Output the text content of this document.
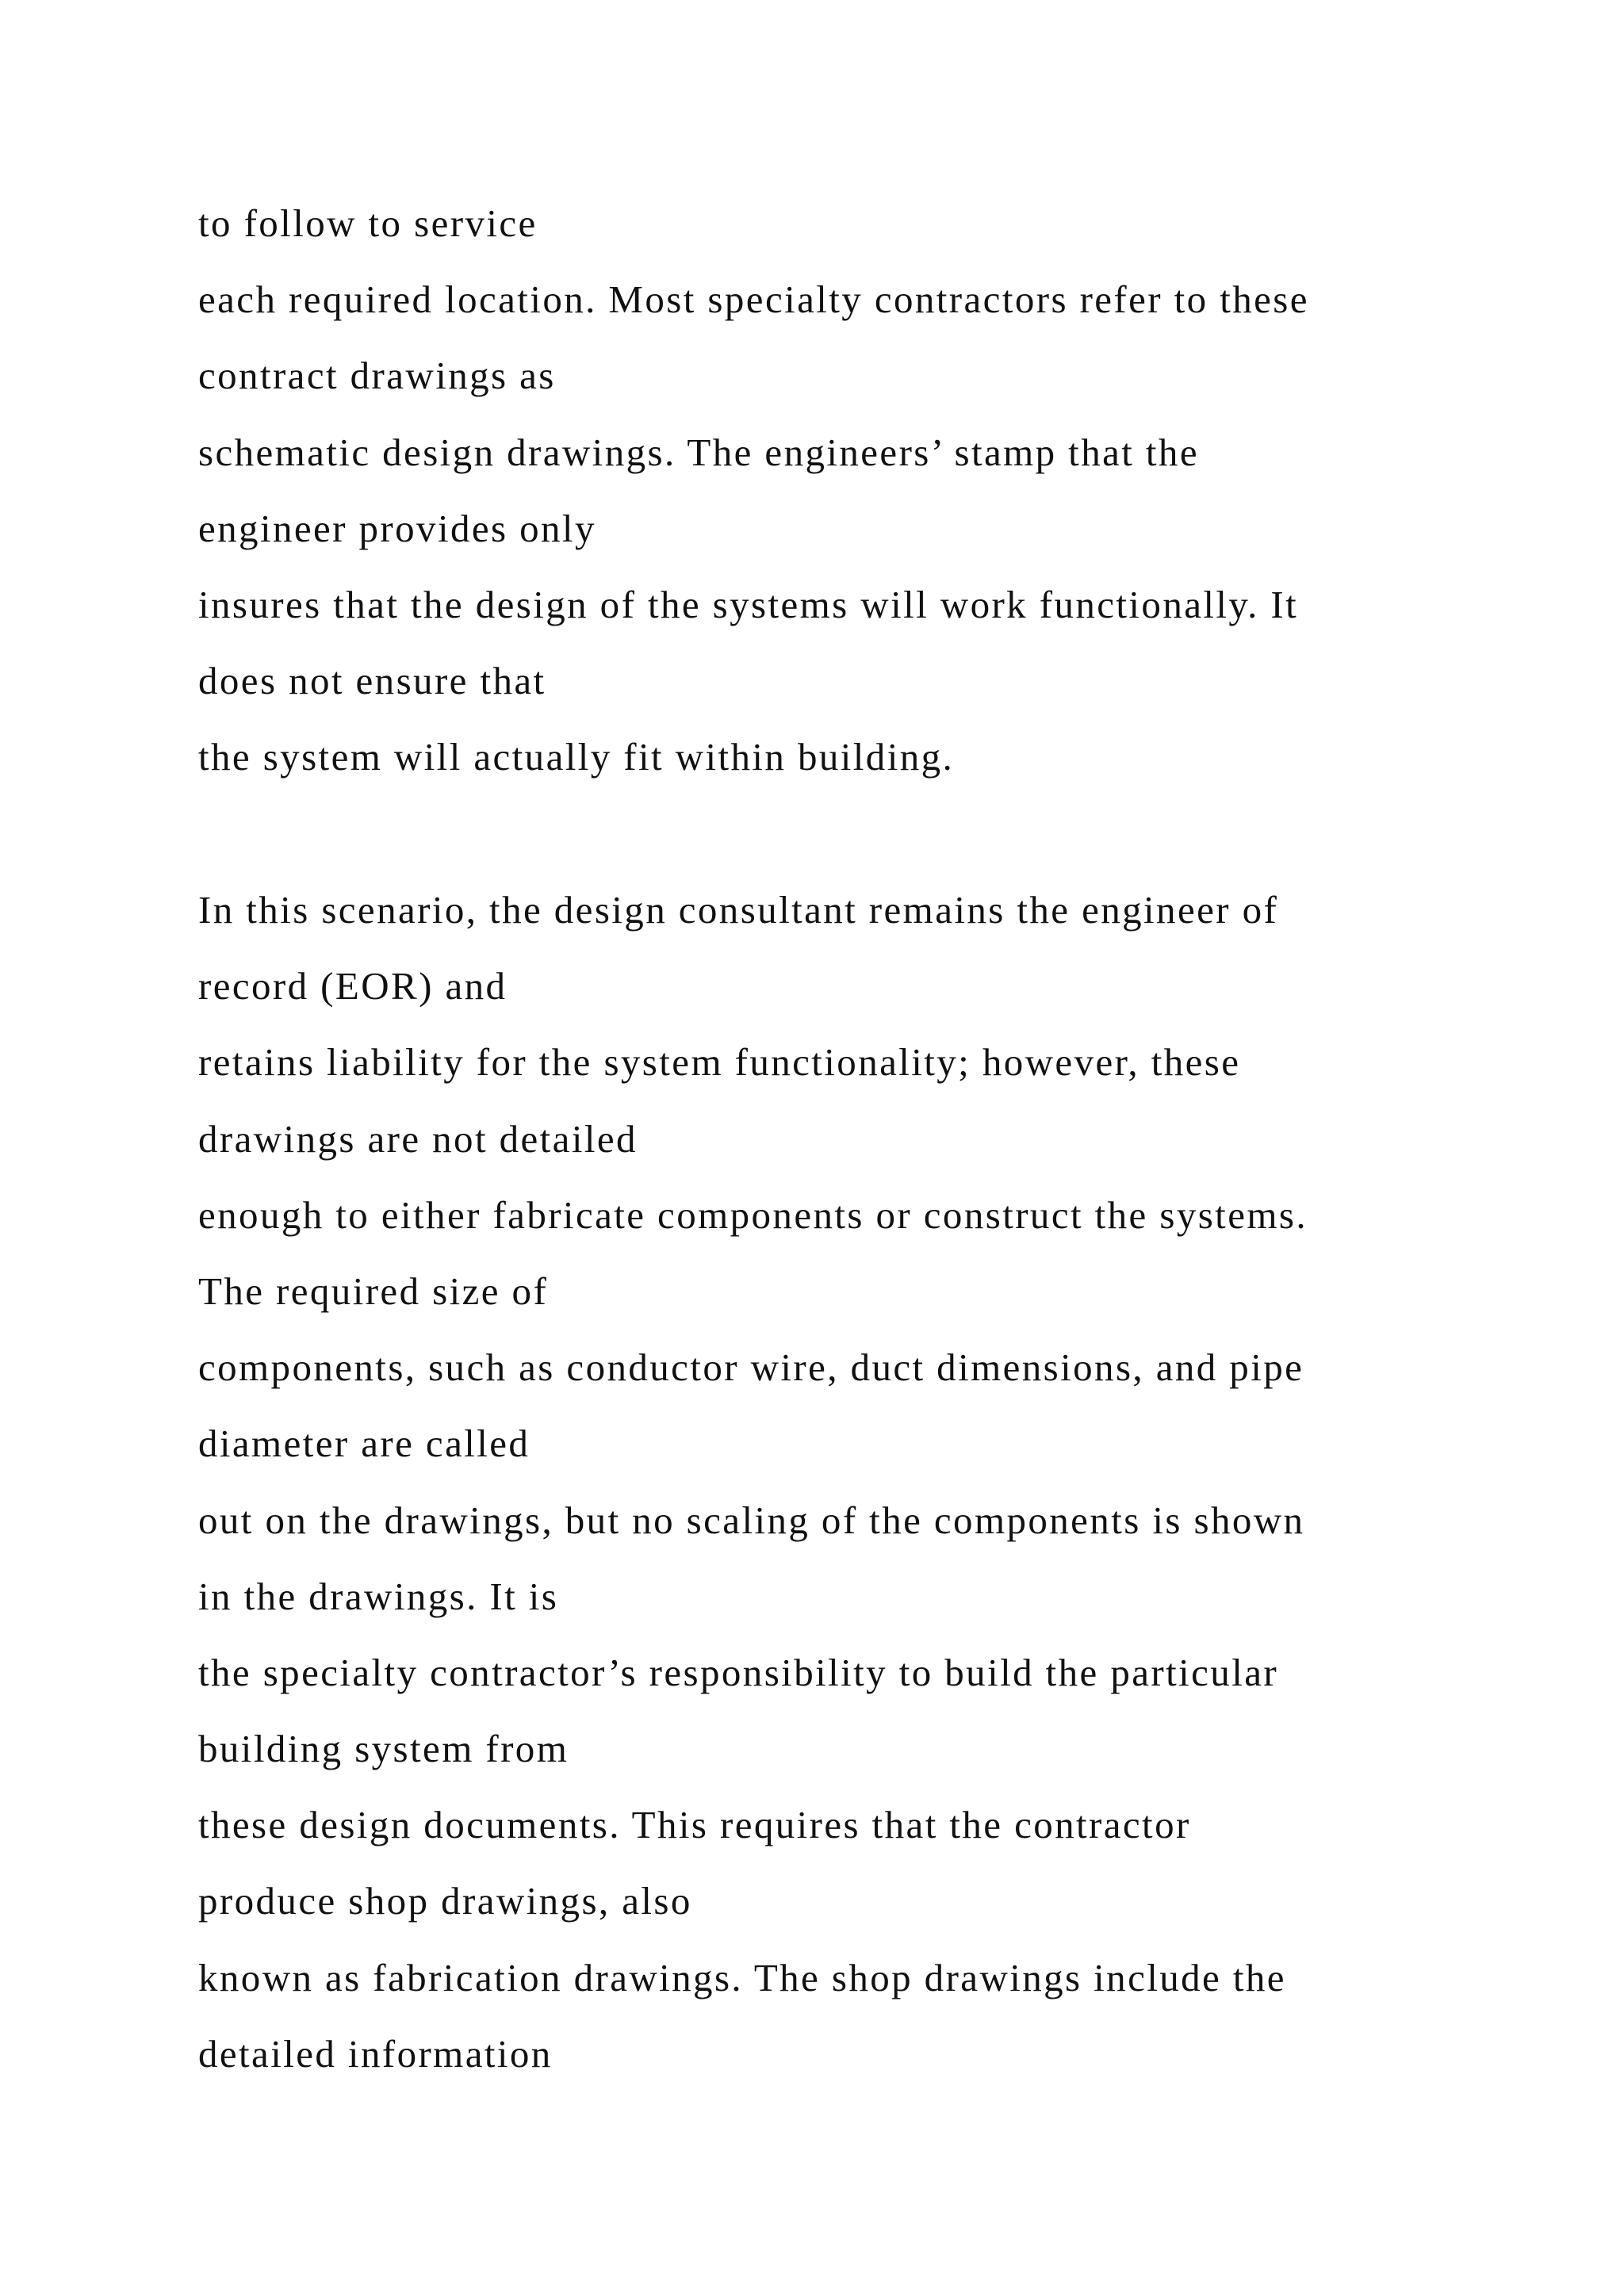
to follow to service
each required location. Most specialty contractors refer to these
contract drawings as
schematic design drawings. The engineers’ stamp that the
engineer provides only
insures that the design of the systems will work functionally. It
does not ensure that
the system will actually fit within building.
In this scenario, the design consultant remains the engineer of
record (EOR) and
retains liability for the system functionality; however, these
drawings are not detailed
enough to either fabricate components or construct the systems.
The required size of
components, such as conductor wire, duct dimensions, and pipe
diameter are called
out on the drawings, but no scaling of the components is shown
in the drawings. It is
the specialty contractor’s responsibility to build the particular
building system from
these design documents. This requires that the contractor
produce shop drawings, also
known as fabrication drawings. The shop drawings include the
detailed information
